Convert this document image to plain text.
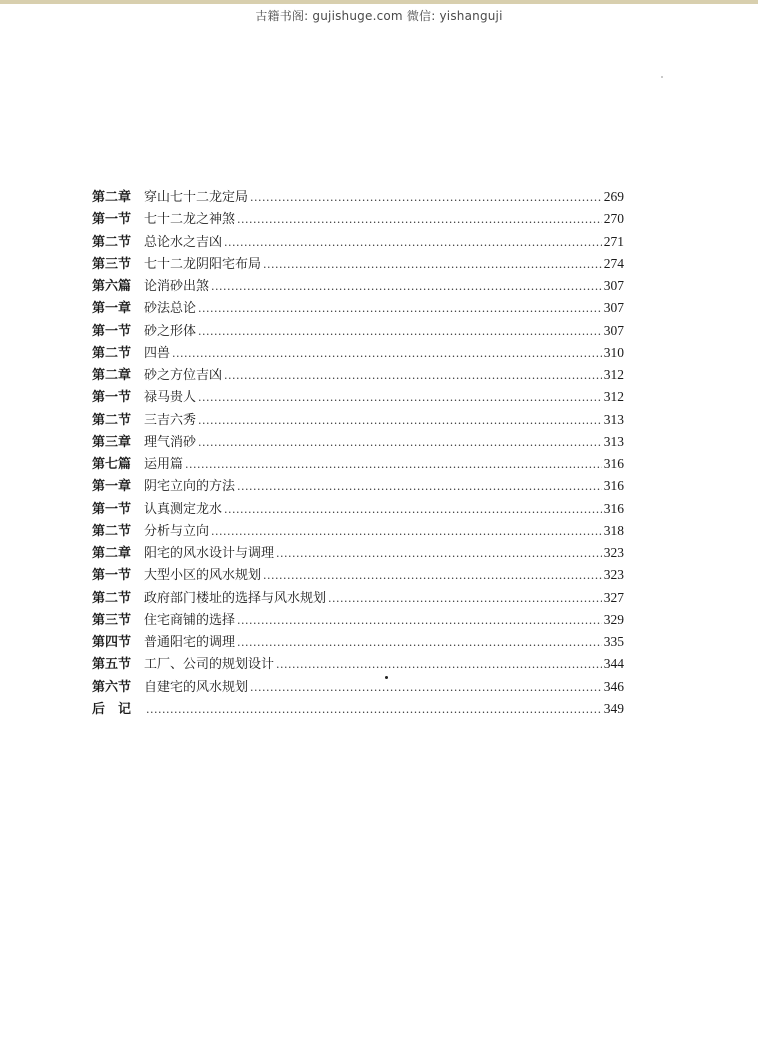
古籍书阁: gujishuge.com 微信: yishanguji
第二章 穿山七十二龙定局 .....	269
第一节 七十二龙之神煞 .....	270
第二节 总论水之吉凶 .....	271
第三节 七十二龙阴阳宅布局 .....	274
第六篇 论消砂出煞 .....	307
第一章 砂法总论 .....	307
第一节 砂之形体 .....	307
第二节 四兽 .....	310
第二章 砂之方位吉凶 .....	312
第一节 禄马贵人 .....	312
第二节 三吉六秀 .....	313
第三章 理气消砂 .....	313
第七篇 运用篇 .....	316
第一章 阴宅立向的方法 .....	316
第一节 认真测定龙水 .....	316
第二节 分析与立向 .....	318
第二章 阳宅的风水设计与调理 .....	323
第一节 大型小区的风水规划 .....	323
第二节 政府部门楼址的选择与风水规划 .....	327
第三节 住宅商铺的选择 .....	329
第四节 普通阳宅的调理 .....	335
第五节 工厂、公司的规划设计 .....	344
第六节 自建宅的风水规划 .....	346
后　记 .....	349
